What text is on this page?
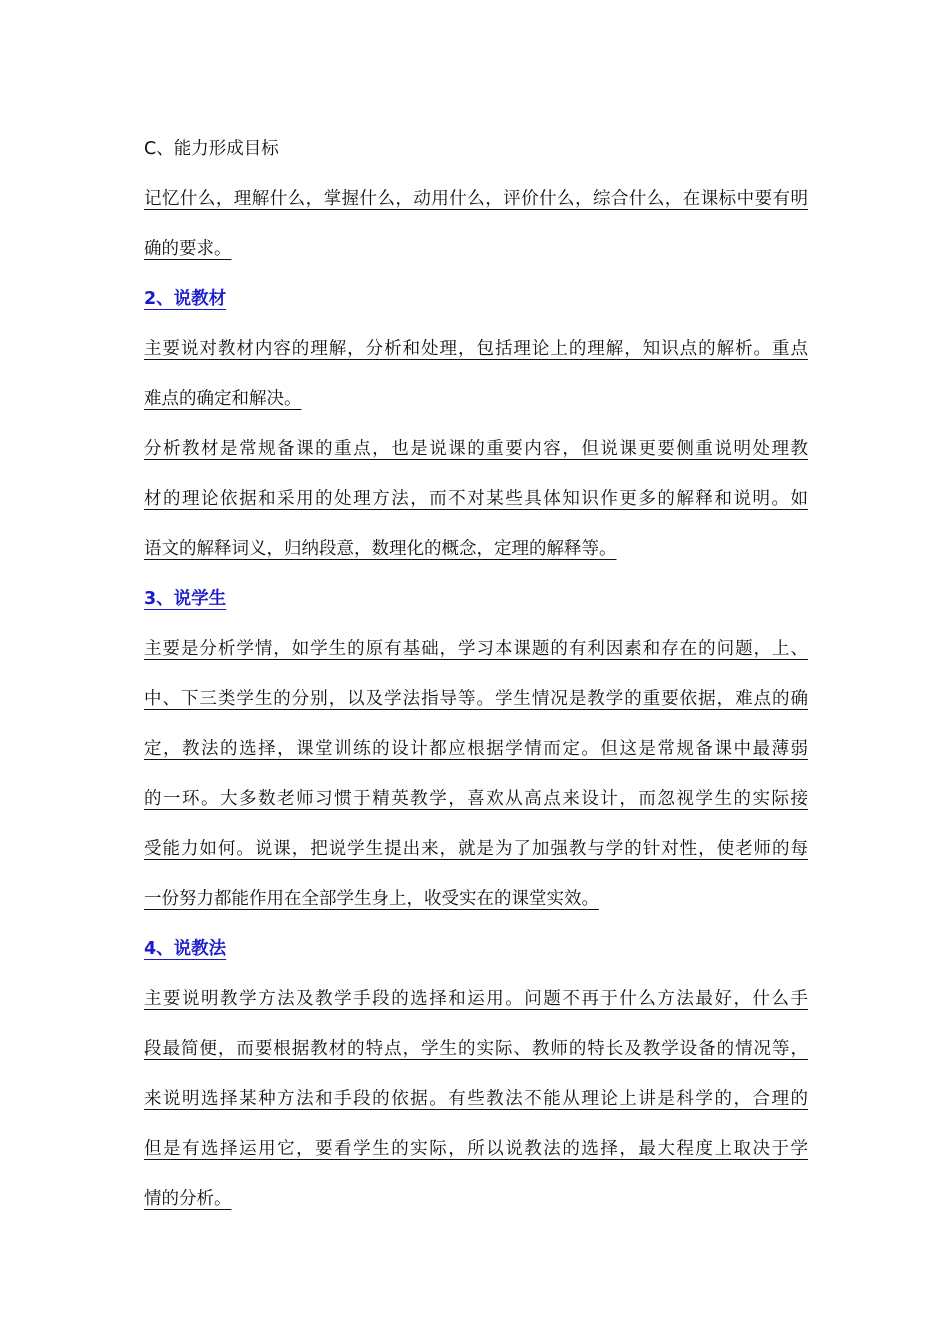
C、能力形成目标
记忆什么，理解什么，掌握什么，动用什么，评价什么，综合什么，在课标中要有明
确的要求。
2、说教材
主要说对教材内容的理解，分析和处理，包括理论上的理解，知识点的解析。重点
难点的确定和解决。
分析教材是常规备课的重点，也是说课的重要内容，但说课更要侧重说明处理教
材的理论依据和采用的处理方法，而不对某些具体知识作更多的解释和说明。如
语文的解释词义，归纳段意，数理化的概念，定理的解释等。
3、说学生
主要是分析学情，如学生的原有基础，学习本课题的有利因素和存在的问题，上、
中、下三类学生的分别，以及学法指导等。学生情况是教学的重要依据，难点的确
定，教法的选择，课堂训练的设计都应根据学情而定。但这是常规备课中最薄弱
的一环。大多数老师习惯于精英教学，喜欢从高点来设计，而忽视学生的实际接
受能力如何。说课，把说学生提出来，就是为了加强教与学的针对性，使老师的每
一份努力都能作用在全部学生身上，收受实在的课堂实效。
4、说教法
主要说明教学方法及教学手段的选择和运用。问题不再于什么方法最好，什么手
段最简便，而要根据教材的特点，学生的实际、教师的特长及教学设备的情况等，
来说明选择某种方法和手段的依据。有些教法不能从理论上讲是科学的，合理的
但是有选择运用它，要看学生的实际，所以说教法的选择，最大程度上取决于学
情的分析。
